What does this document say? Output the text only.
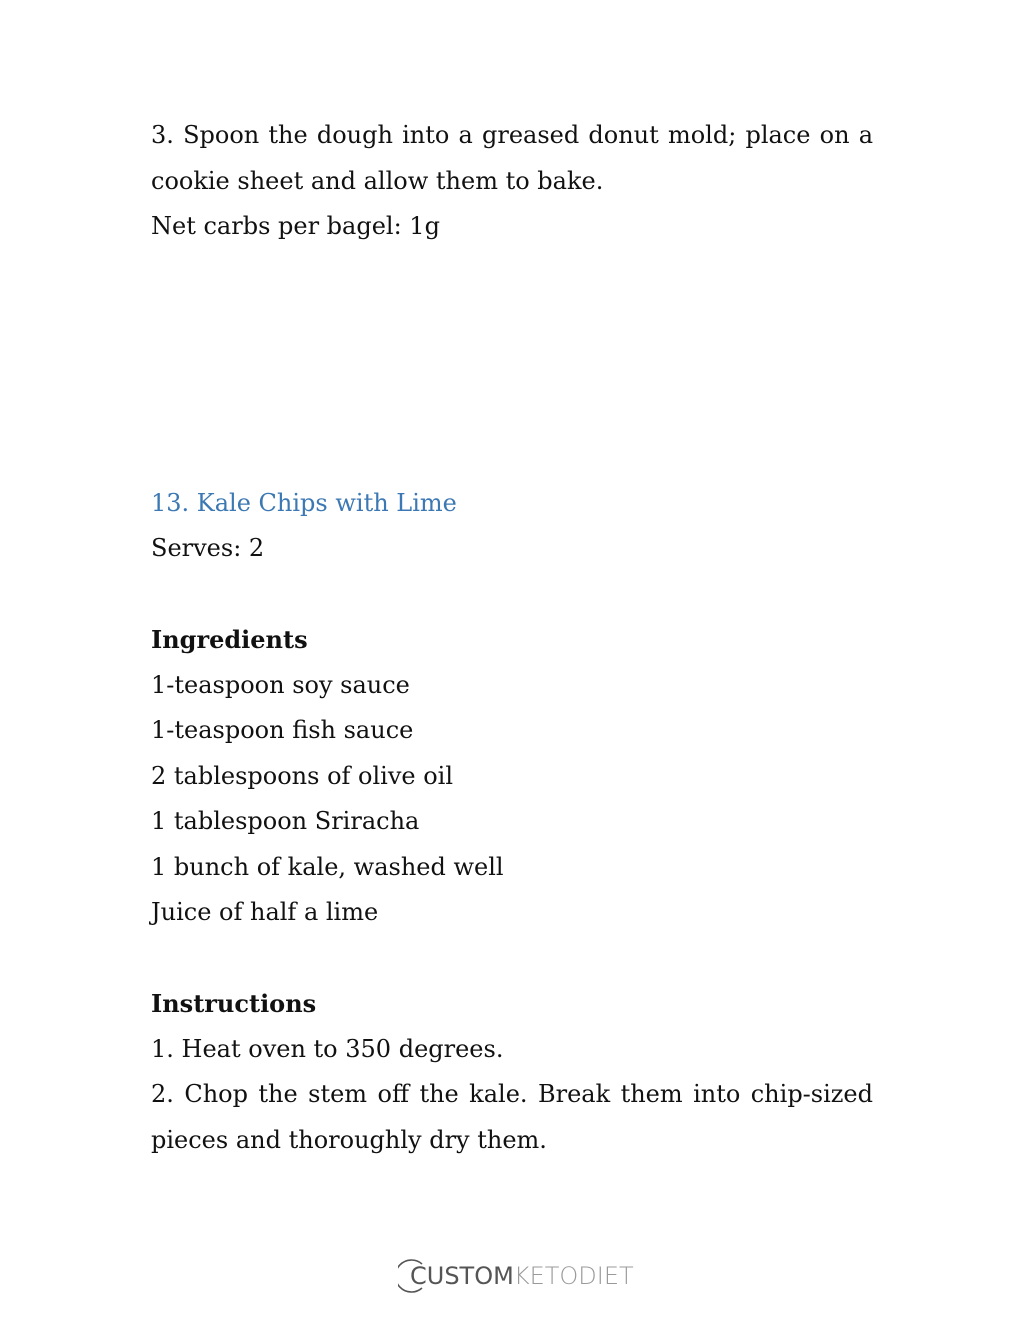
3. Spoon the dough into a greased donut mold; place on a cookie sheet and allow them to bake.

Net carbs per bagel: 1g

13. Kale Chips with Lime

Serves: 2

Ingredients

1-teaspoon soy sauce

1-teaspoon fish sauce

2 tablespoons of olive oil

1 tablespoon Sriracha

1 bunch of kale, washed well

Juice of half a lime

Instructions

1. Heat oven to 350 degrees.

2. Chop the stem off the kale. Break them into chip-sized pieces and thoroughly dry them.

CUSTOMKETODIET
